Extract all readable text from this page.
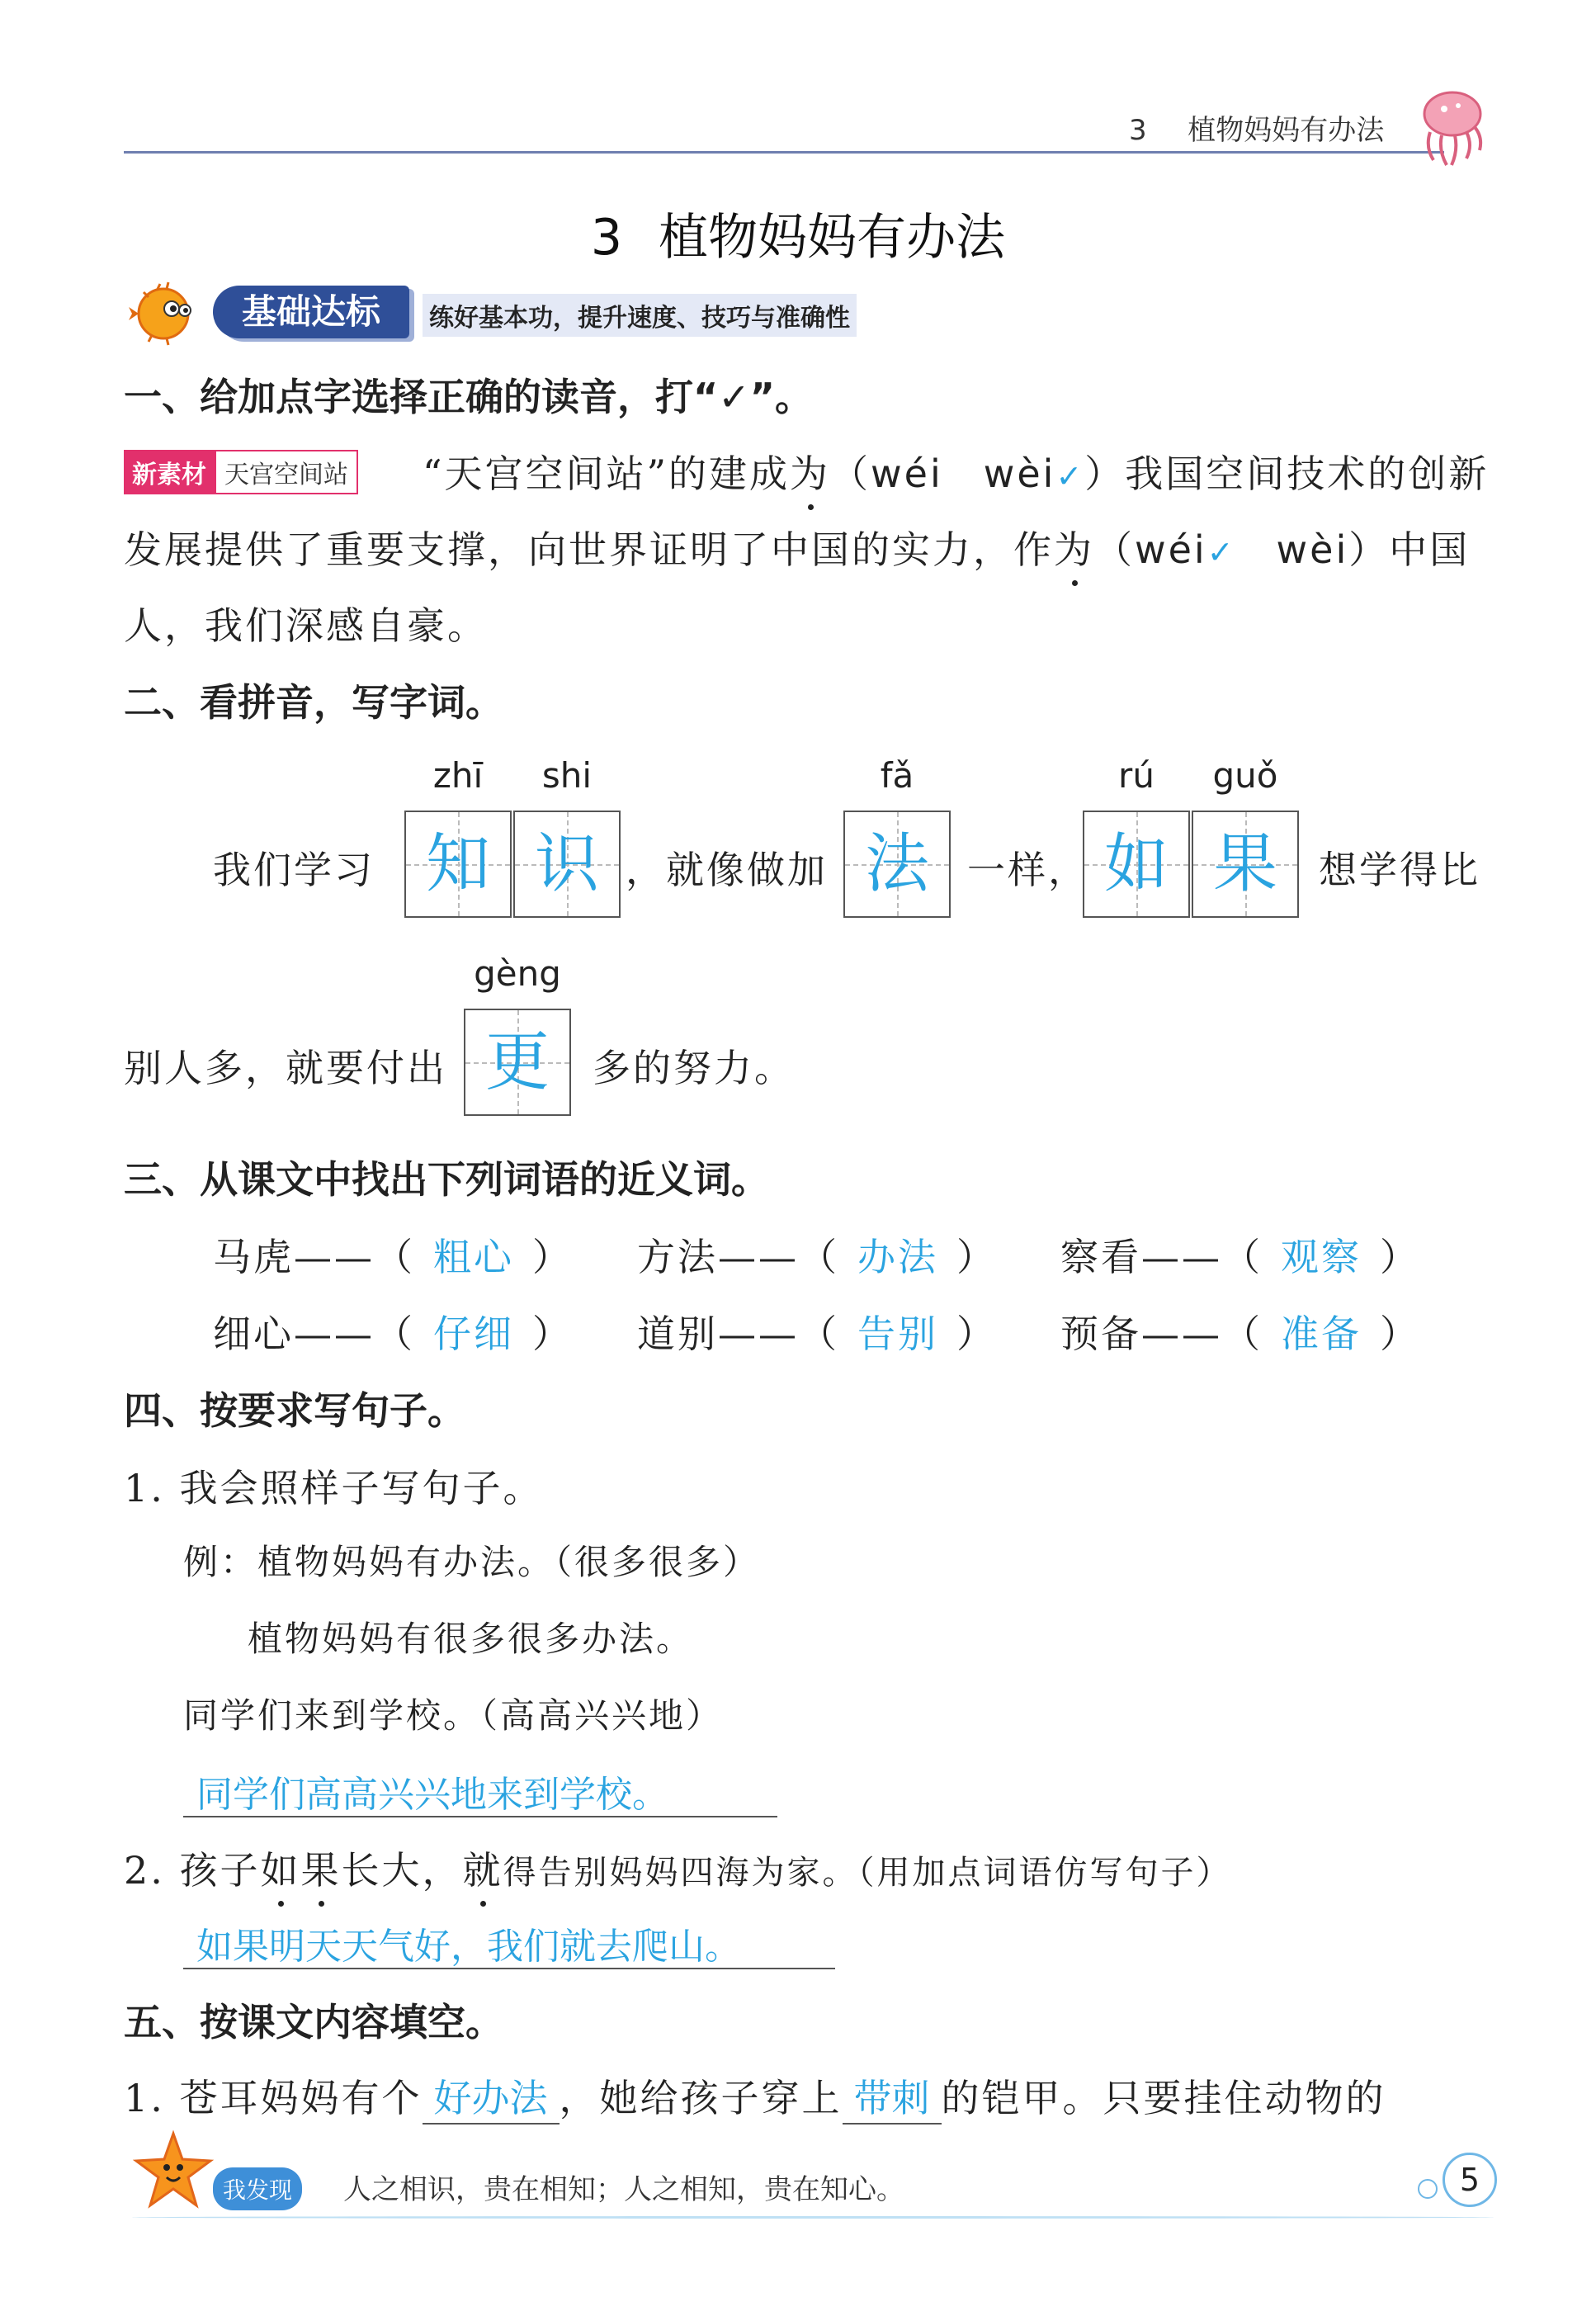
3 植物妈妈有办法
3 植物妈妈有办法
基础达标	练好基本功，提升速度、技巧与准确性
一、给加点字选择正确的读音，打“✓”。
新素材 天宫空间站 “天宫空间站”的建成为（wéi　wèi✓）我国空间技术的创新
发展提供了重要支撑，向世界证明了中国的实力，作为（wéi✓　wèi）中国
人，我们深感自豪。
二、看拼音，写字词。
zhī	shi	fǎ	rú	guǒ
我们学习 知 识 ，就像做加 法	一样， 如 果	想学得比
gèng
别人多，就要付出 更	多的努力。
三、从课文中找出下列词语的近义词。
马虎——（ 粗心 ） 方法——（ 办法 ） 察看——（ 观察 ）
细心——（ 仔细 ） 道别——（ 告别 ） 预备——（ 准备 ）
四、按要求写句子。
1. 我会照样子写句子。
例：植物妈妈有办法。（很多很多）
植物妈妈有很多很多办法。
同学们来到学校。（高高兴兴地）
同学们高高兴兴地来到学校。
2. 孩子如果长大，就得告别妈妈四海为家。（用加点词语仿写句子）
如果明天天气好，我们就去爬山。
五、按课文内容填空。
1. 苍耳妈妈有个 好办法 ，她给孩子穿上 带刺 的铠甲。只要挂住动物的
我发现	人之相识，贵在相知；人之相知，贵在知心。	5
